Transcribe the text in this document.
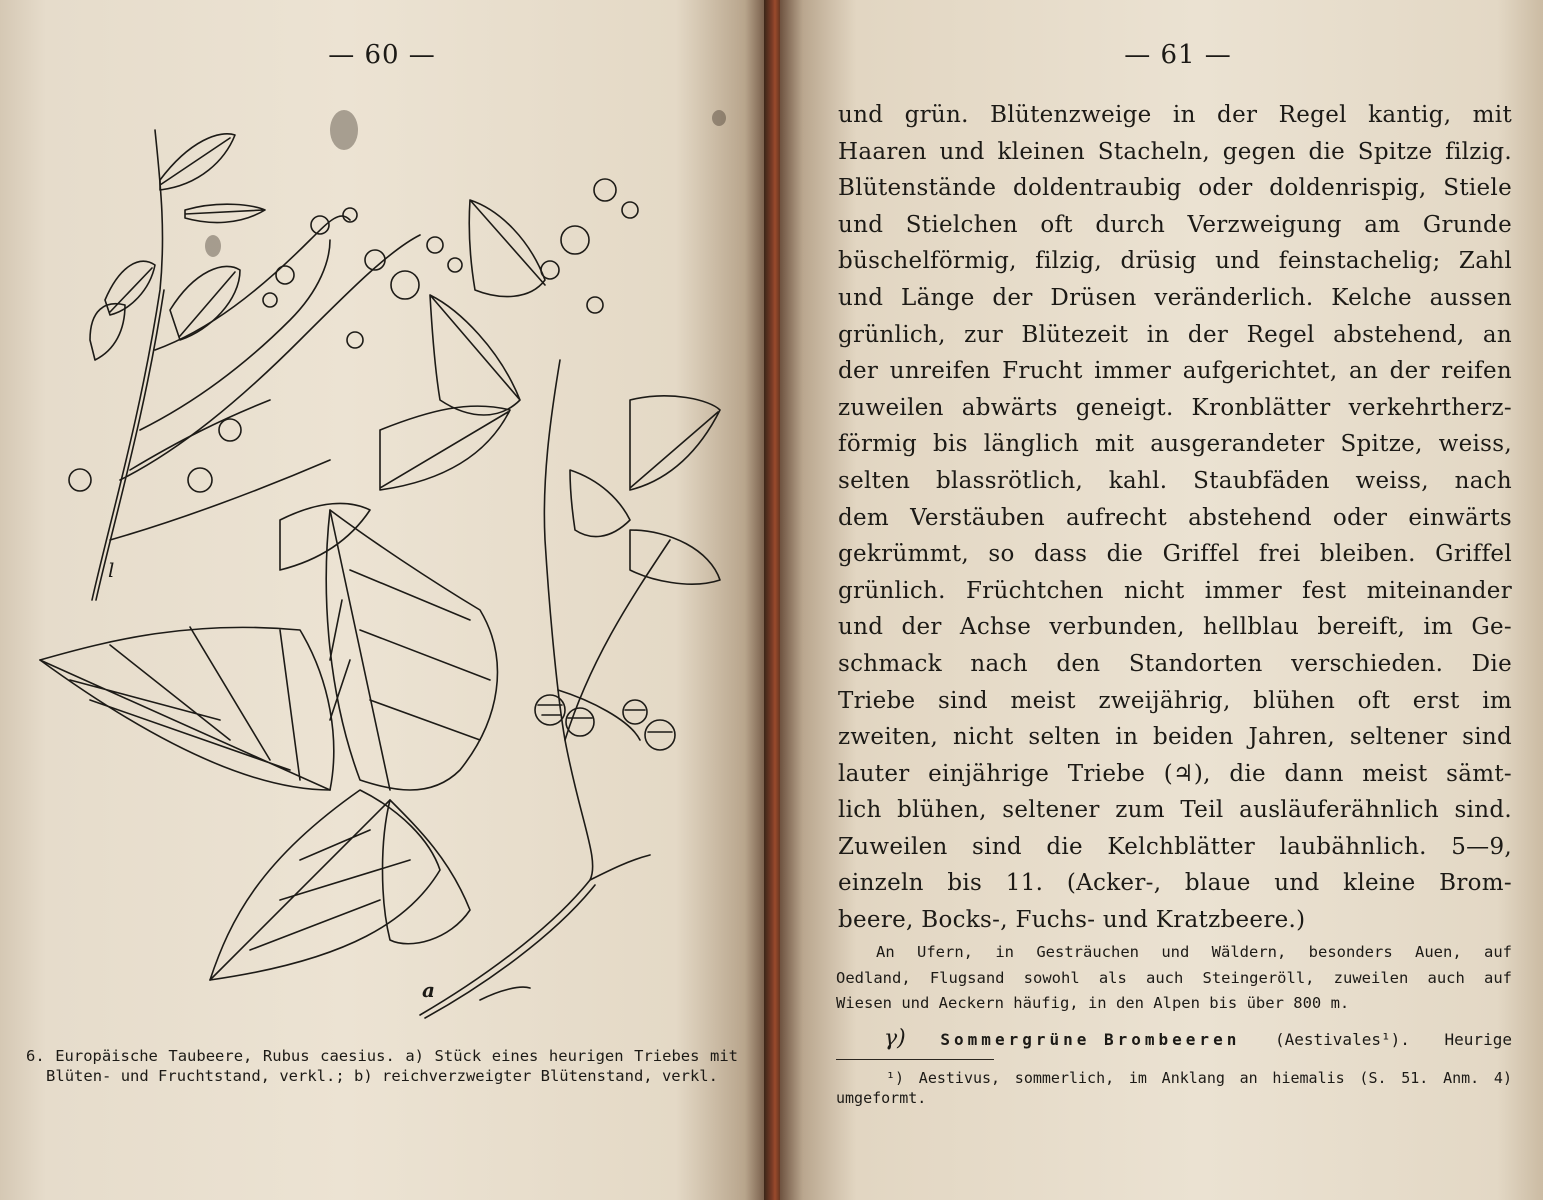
— 60 —	— 61 —
a
l
6. Europäische Taubeere, Rubus caesius. a) Stück eines heurigen Triebes mit Blüten- und Fruchtstand, verkl.; b) reichverzweigter Blütenstand, verkl.
und grün. Blütenzweige in der Regel kantig, mit
Haaren und kleinen Stacheln, gegen die Spitze filzig.
Blütenstände doldentraubig oder doldenrispig, Stiele
und Stielchen oft durch Verzweigung am Grunde
büschelförmig, filzig, drüsig und feinstachelig; Zahl
und Länge der Drüsen veränderlich. Kelche aussen
grünlich, zur Blütezeit in der Regel abstehend, an
der unreifen Frucht immer aufgerichtet, an der reifen
zuweilen abwärts geneigt. Kronblätter verkehrtherz-
förmig bis länglich mit ausgerandeter Spitze, weiss,
selten blassrötlich, kahl. Staubfäden weiss, nach
dem Verstäuben aufrecht abstehend oder einwärts
gekrümmt, so dass die Griffel frei bleiben. Griffel
grünlich. Früchtchen nicht immer fest miteinander
und der Achse verbunden, hellblau bereift, im Ge-
schmack nach den Standorten verschieden. Die
Triebe sind meist zweijährig, blühen oft erst im
zweiten, nicht selten in beiden Jahren, seltener sind
lauter einjährige Triebe (♃), die dann meist sämt-
lich blühen, seltener zum Teil ausläuferähnlich sind.
Zuweilen sind die Kelchblätter laubähnlich. 5—9,
einzeln bis 11. (Acker-, blaue und kleine Brom-
beere, Bocks-, Fuchs- und Kratzbeere.)
An Ufern, in Gesträuchen und Wäldern, besonders Auen, auf
Oedland, Flugsand sowohl als auch Steingeröll, zuweilen auch auf
Wiesen und Aeckern häufig, in den Alpen bis über 800 m.
γ) Sommergrüne Brombeeren (Aestivales¹). Heurige
¹) Aestivus, sommerlich, im Anklang an hiemalis (S. 51. Anm. 4)
umgeformt.
